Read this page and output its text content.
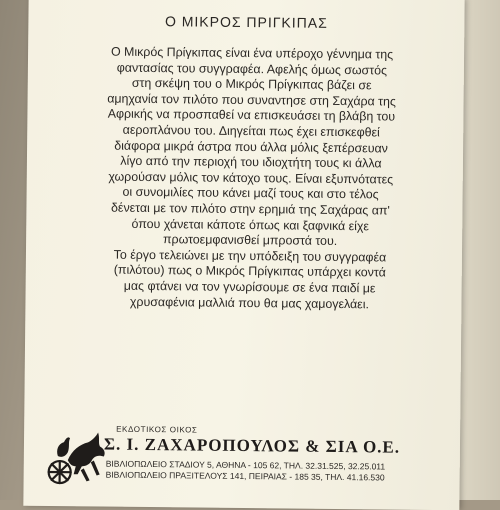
Ο ΜΙΚΡΟΣ ΠΡΙΓΚΙΠΑΣ

Ο Μικρός Πρίγκιπας είναι ένα υπέροχο γέννημα της φαντασίας του συγγραφέα. Αφελής όμως σωστός στη σκέψη του ο Μικρός Πρίγκιπας βάζει σε αμηχανία τον πιλότο που συναντησε στη Σαχάρα της Αφρικής να προσπαθεί να επισκευάσει τη βλάβη του αεροπλάνου του. Διηγείται πως έχει επισκεφθεί διάφορα μικρά άστρα που άλλα μόλις ξεπέρσευαν λίγο από την περιοχή του ιδιοχτήτη τους κι άλλα χωρούσαν μόλις τον κάτοχο τους. Είναι εξυπνότατες οι συνομιλίες που κάνει μαζί τους και στο τέλος δένεται με τον πιλότο στην ερημιά της Σαχάρας απ' όπου χάνεται κάποτε όπως και ξαφνικά είχε πρωτοεμφανισθεί μπροστά του.

Το έργο τελειώνει με την υπόδειξη του συγγραφέα (πιλότου) πως ο Μικρός Πρίγκιπας υπάρχει κοντά μας φτάνει να τον γνωρίσουμε σε ένα παιδί με χρυσαφένια μαλλιά που θα μας χαμογελάει.

ΕΚΔΟΤΙΚΟΣ ΟΙΚΟΣ
Σ. Ι. ΖΑΧΑΡΟΠΟΥΛΟΣ & ΣΙΑ Ο.Ε.
ΒΙΒΛΙΟΠΩΛΕΙΟ ΣΤΑΔΙΟΥ 5, ΑΘΗΝΑ - 105 62, ΤΗΛ. 32.31.525, 32.25.011
ΒΙΒΛΙΟΠΩΛΕΙΟ ΠΡΑΞΙΤΕΛΟΥΣ 141, ΠΕΙΡΑΙΑΣ - 185 35, ΤΗΛ. 41.16.530
